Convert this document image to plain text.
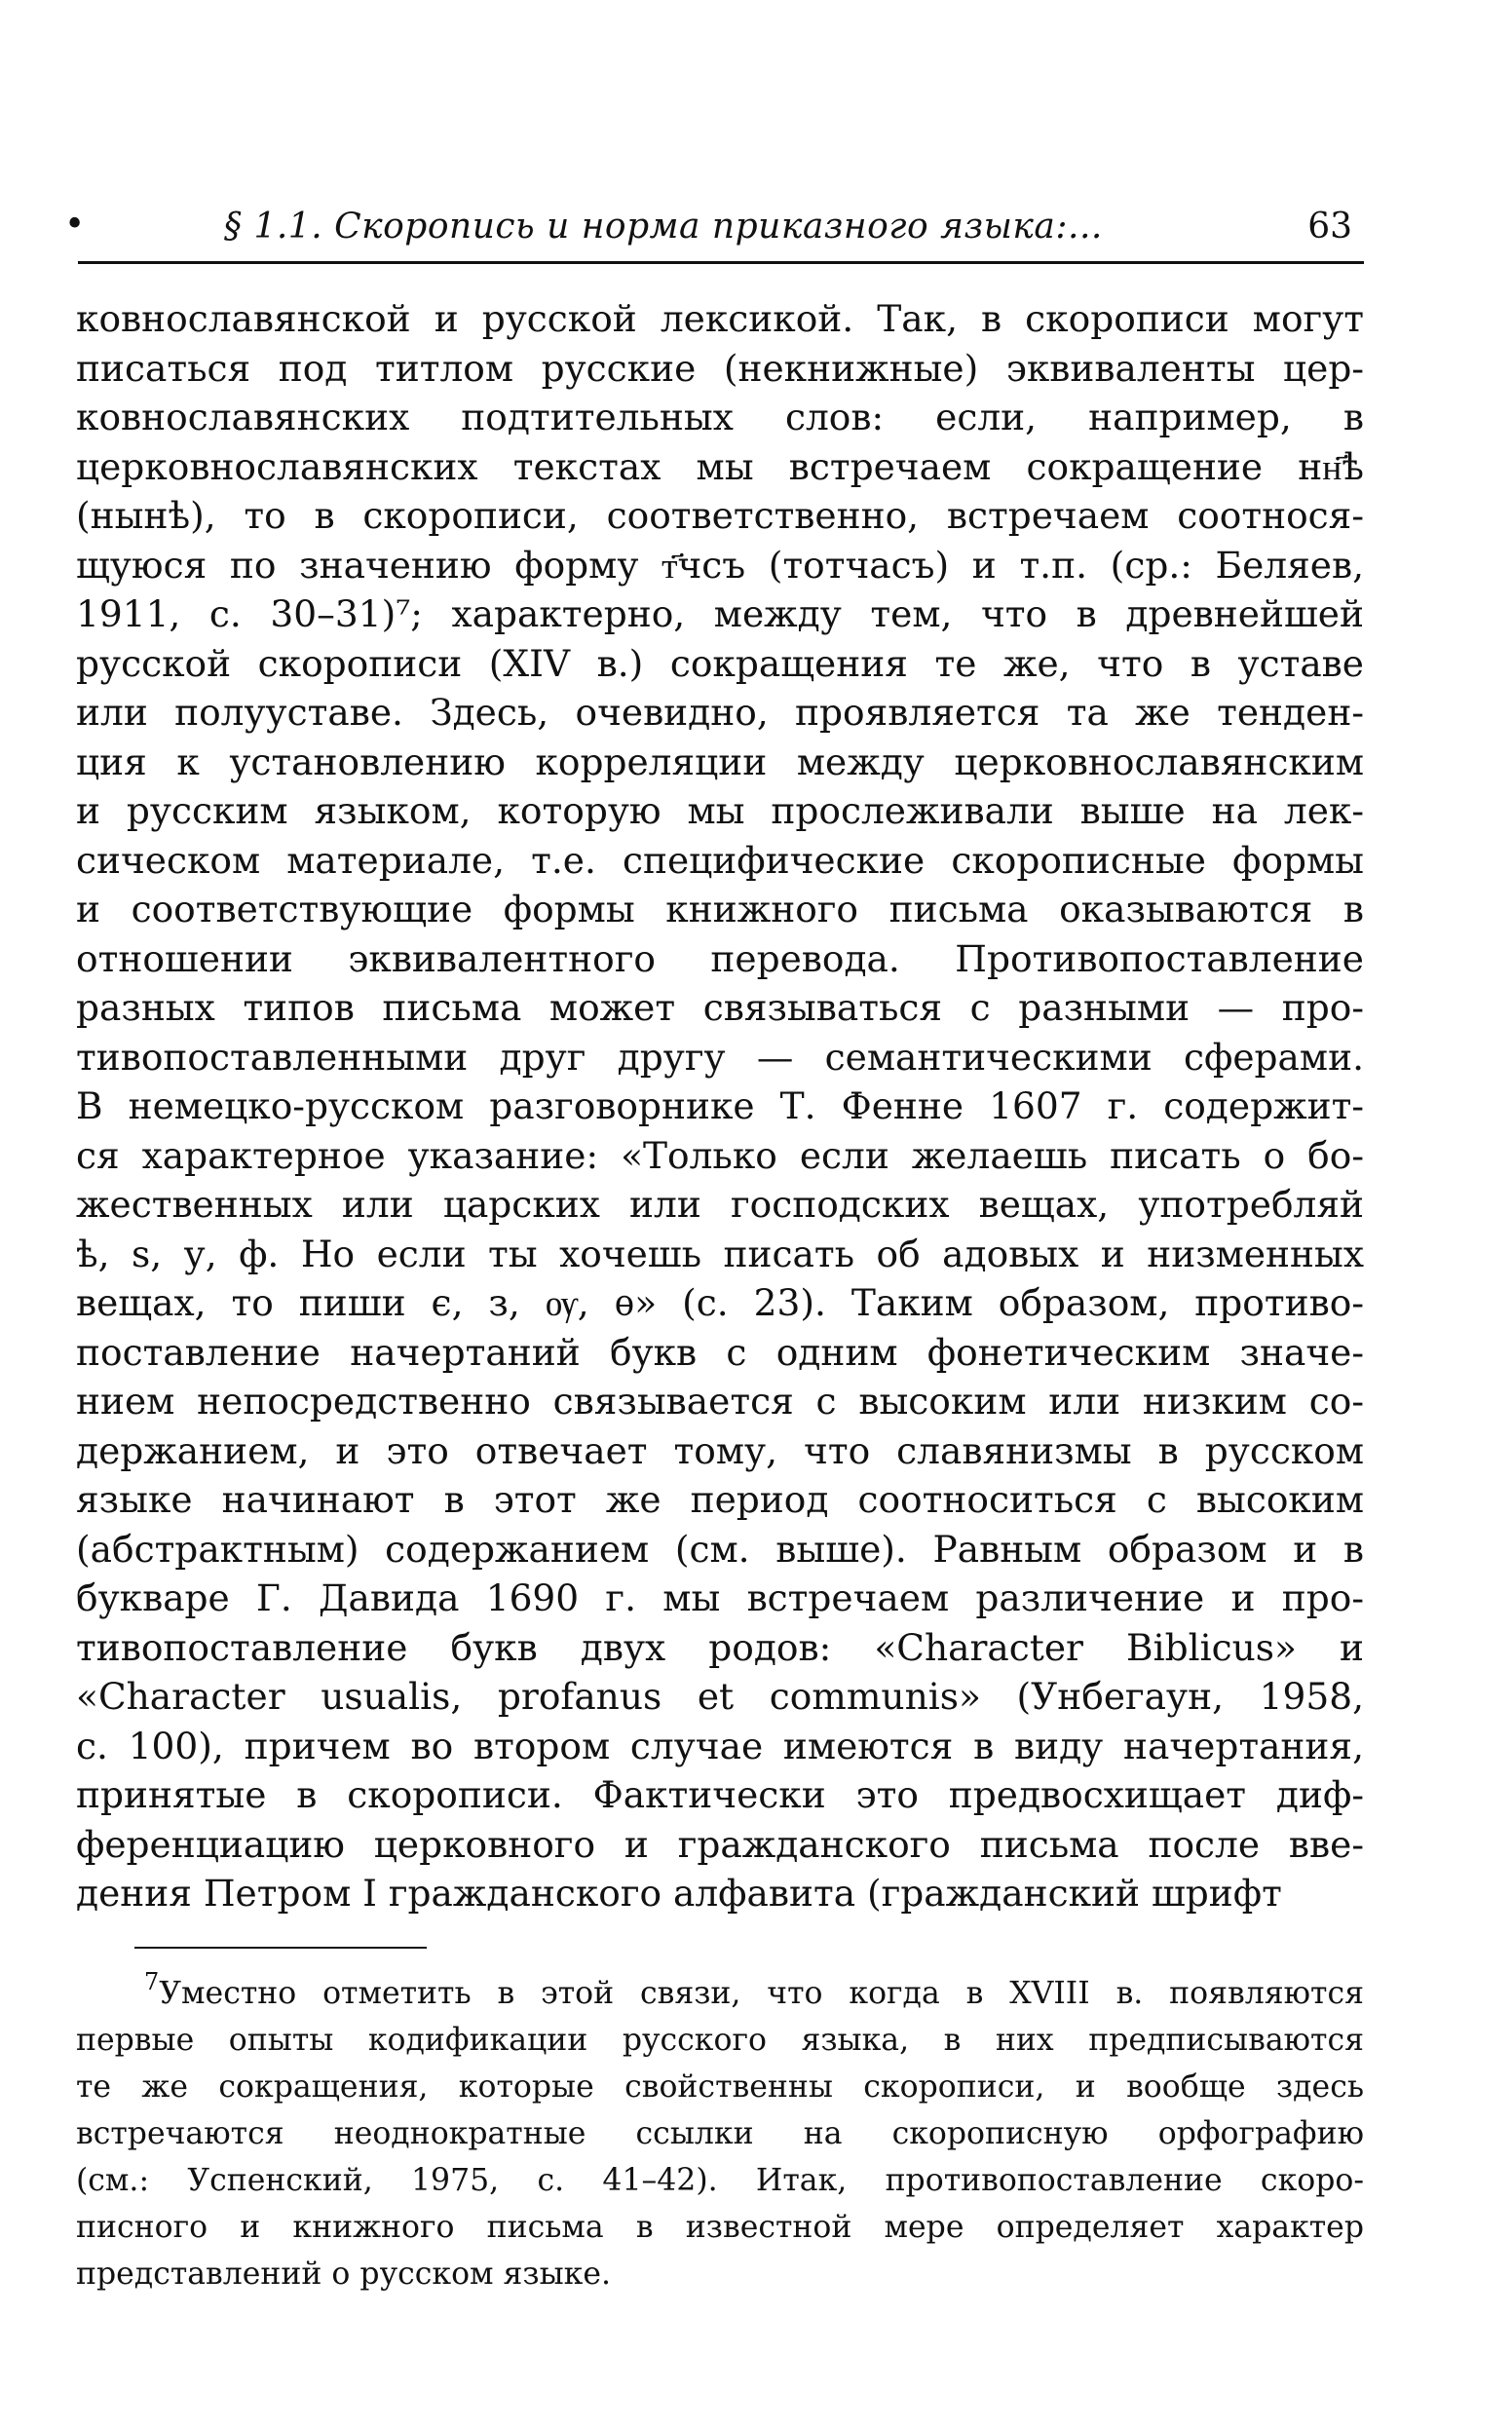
•	§ 1.1. Скоропись и норма приказного языка:...	63
ковнославянской и русской лексикой. Так, в скорописи могут
писаться под титлом русские (некнижные) эквиваленты цер-
ковнославянских подтительных слов: если, например, в
церковнославянских текстах мы встречаем сокращение нн҃ѣ
(нынѣ), то в скорописи, соответственно, встречаем соотнося-
щуюся по значению форму т҃чсъ (тотчасъ) и т.п. (ср.: Беляев,
1911, с. 30–31)⁷; характерно, между тем, что в древнейшей
русской скорописи (XIV в.) сокращения те же, что в уставе
или полууставе. Здесь, очевидно, проявляется та же тенден-
ция к установлению корреляции между церковнославянским
и русским языком, которую мы прослеживали выше на лек-
сическом материале, т.е. специфические скорописные формы
и соответствующие формы книжного письма оказываются в
отношении эквивалентного перевода. Противопоставление
разных типов письма может связываться с разными — про-
тивопоставленными друг другу — семантическими сферами.
В немецко-русском разговорнике Т. Фенне 1607 г. содержит-
ся характерное указание: «Только если желаешь писать о бо-
жественных или царских или господских вещах, употребляй
ѣ, ѕ, у, ф. Но если ты хочешь писать об адовых и низменных
вещах, то пиши є, з, ѹ, ѳ» (с. 23). Таким образом, противо-
поставление начертаний букв с одним фонетическим значе-
нием непосредственно связывается с высоким или низким со-
держанием, и это отвечает тому, что славянизмы в русском
языке начинают в этот же период соотноситься с высоким
(абстрактным) содержанием (см. выше). Равным образом и в
букваре Г. Давида 1690 г. мы встречаем различение и про-
тивопоставление букв двух родов: «Character Biblicus» и
«Character usualis, profanus et communis» (Унбегаун, 1958,
с. 100), причем во втором случае имеются в виду начертания,
принятые в скорописи. Фактически это предвосхищает диф-
ференциацию церковного и гражданского письма после вве-
дения Петром I гражданского алфавита (гражданский шрифт
$^7$Уместно отметить в этой связи, что когда в XVIII в. появляются
первые опыты кодификации русского языка, в них предписываются
те же сокращения, которые свойственны скорописи, и вообще здесь
встречаются неоднократные ссылки на скорописную орфографию
(см.: Успенский, 1975, с. 41–42). Итак, противопоставление скоро-
писного и книжного письма в известной мере определяет характер
представлений о русском языке.
